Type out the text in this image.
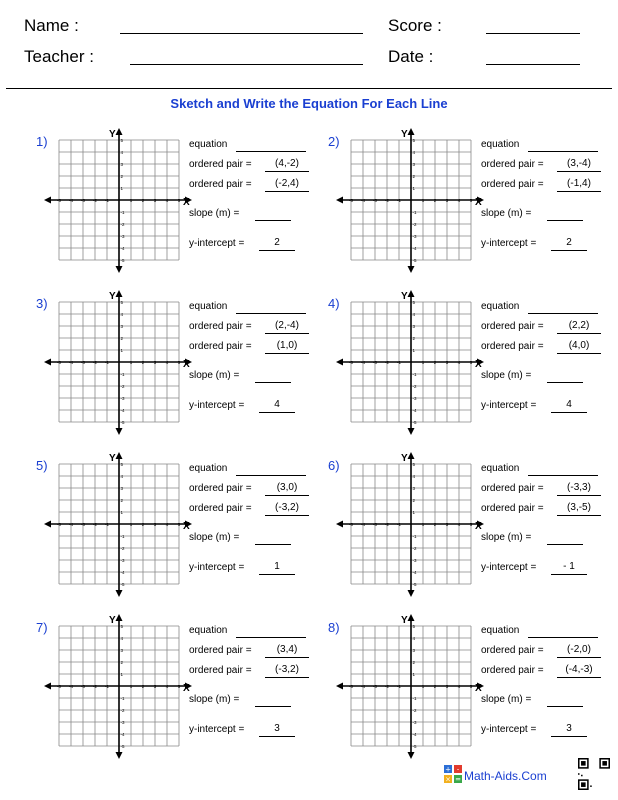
Name :	Score :
Teacher :	Date :
Sketch and Write the Equation For Each Line
1)
X
Y
-5 -4 -3 -2 -1	1 2 3 4 5
5
4
3
2
1
-1
-2
-3
-4
-5
equation
ordered pair =	(4,-2)
ordered pair =	(-2,4)
slope (m) =
y-intercept =	2
2)
X
Y
-5 -4 -3 -2 -1	1 2 3 4 5
5
4
3
2
1
-1
-2
-3
-4
-5
equation
ordered pair =	(3,-4)
ordered pair =	(-1,4)
slope (m) =
y-intercept =	2
3)
X
Y
-5 -4 -3 -2 -1	1 2 3 4 5
5
4
3
2
1
-1
-2
-3
-4
-5
equation
ordered pair =	(2,-4)
ordered pair =	(1,0)
slope (m) =
y-intercept =	4
4)
X
Y
-5 -4 -3 -2 -1	1 2 3 4 5
5
4
3
2
1
-1
-2
-3
-4
-5
equation
ordered pair =	(2,2)
ordered pair =	(4,0)
slope (m) =
y-intercept =	4
5)
X
Y
-5 -4 -3 -2 -1	1 2 3 4 5
5
4
3
2
1
-1
-2
-3
-4
-5
equation
ordered pair =	(3,0)
ordered pair =	(-3,2)
slope (m) =
y-intercept =	1
6)
X
Y
-5 -4 -3 -2 -1	1 2 3 4 5
5
4
3
2
1
-1
-2
-3
-4
-5
equation
ordered pair =	(-3,3)
ordered pair =	(3,-5)
slope (m) =
y-intercept =	- 1
7)
X
Y
-5 -4 -3 -2 -1	1 2 3 4 5
5
4
3
2
1
-1
-2
-3
-4
-5
equation
ordered pair =	(3,4)
ordered pair =	(-3,2)
slope (m) =
y-intercept =	3
8)
X
Y
-5 -4 -3 -2 -1	1 2 3 4 5
5
4
3
2
1
-1
-2
-3
-4
-5
equation
ordered pair =	(-2,0)
ordered pair =	(-4,-3)
slope (m) =
y-intercept =	3
+ -
× = Math-Aids.Com
